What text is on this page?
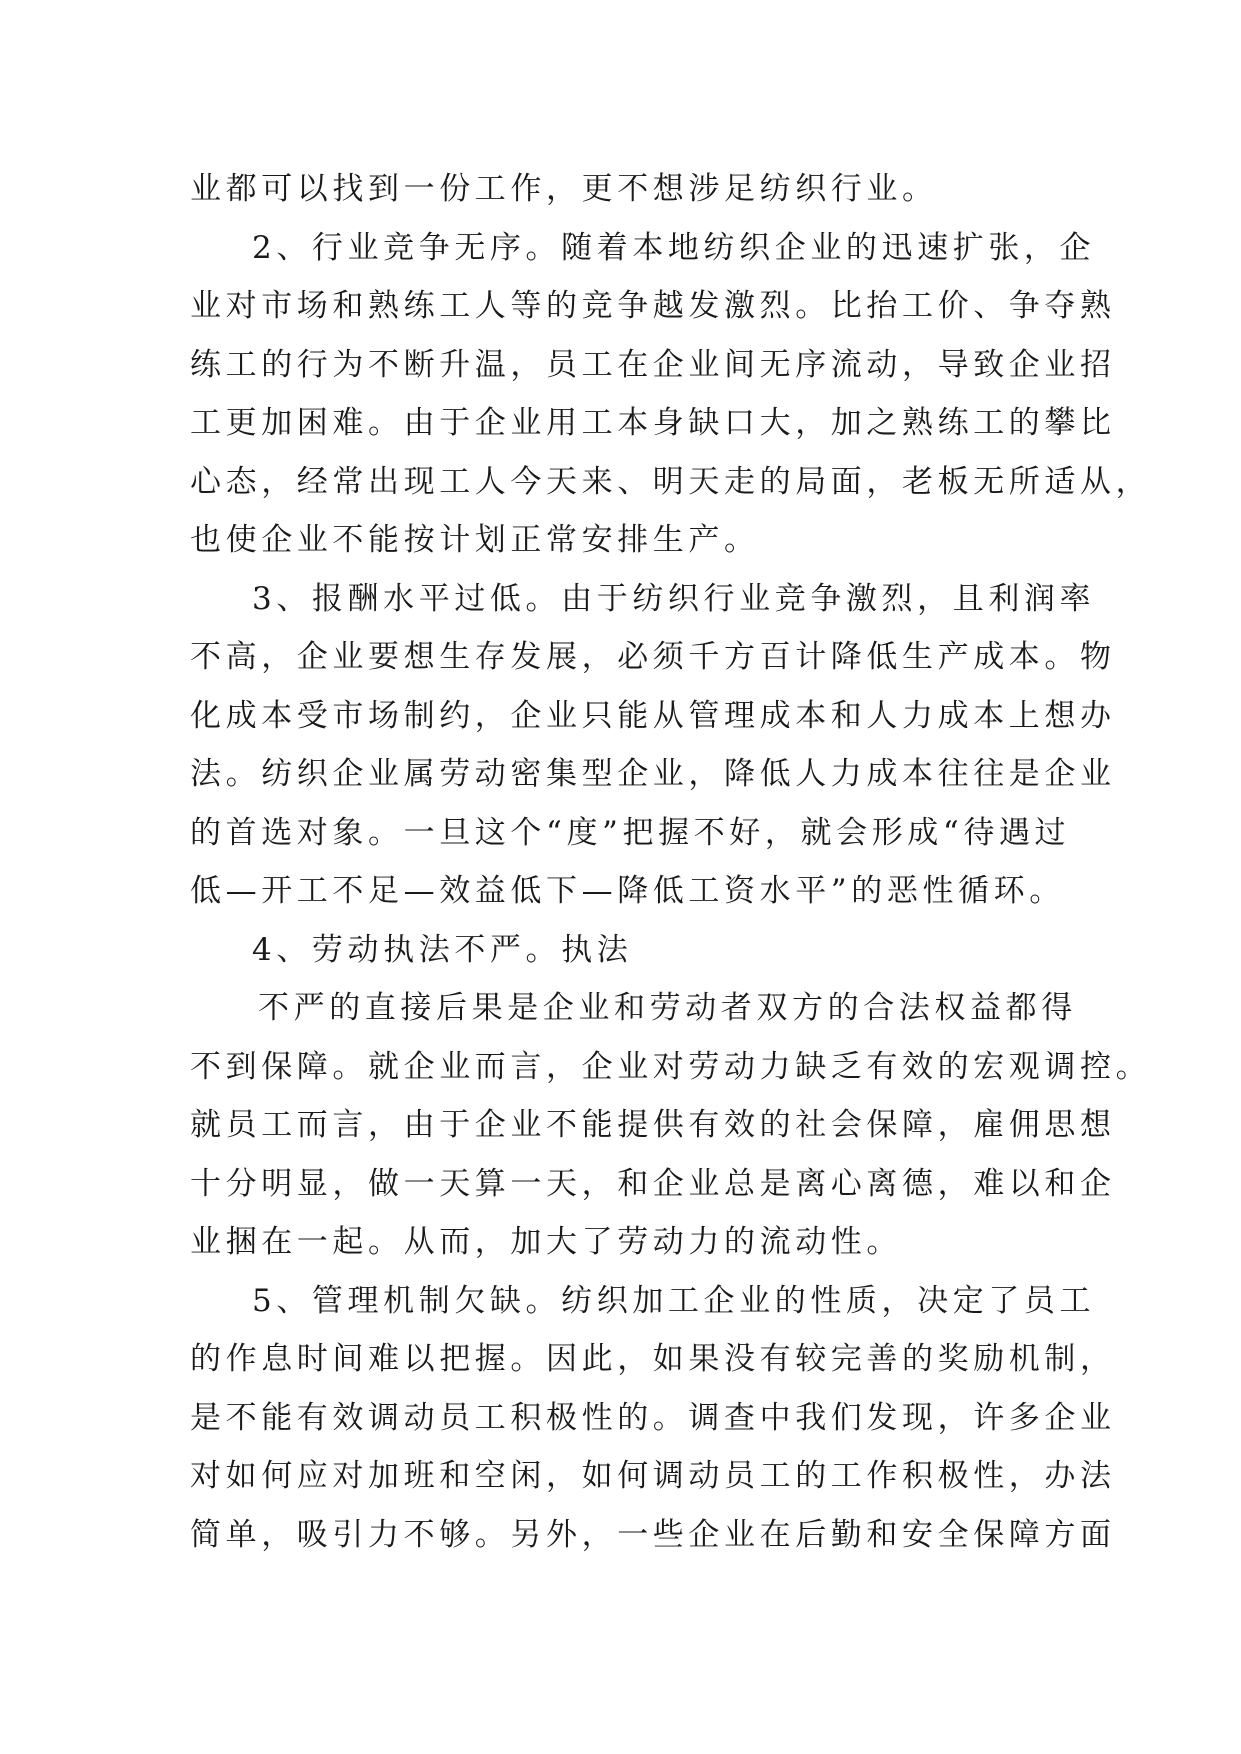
业都可以找到一份工作，更不想涉足纺织行业。
2、行业竞争无序。随着本地纺织企业的迅速扩张，企
业对市场和熟练工人等的竞争越发激烈。比抬工价、争夺熟
练工的行为不断升温，员工在企业间无序流动，导致企业招
工更加困难。由于企业用工本身缺口大，加之熟练工的攀比
心态，经常出现工人今天来、明天走的局面，老板无所适从，
也使企业不能按计划正常安排生产。
3、报酬水平过低。由于纺织行业竞争激烈，且利润率
不高，企业要想生存发展，必须千方百计降低生产成本。物
化成本受市场制约，企业只能从管理成本和人力成本上想办
法。纺织企业属劳动密集型企业，降低人力成本往往是企业
的首选对象。一旦这个“度”把握不好，就会形成“待遇过
低—开工不足—效益低下—降低工资水平”的恶性循环。
4、劳动执法不严。执法
不严的直接后果是企业和劳动者双方的合法权益都得
不到保障。就企业而言，企业对劳动力缺乏有效的宏观调控。
就员工而言，由于企业不能提供有效的社会保障，雇佣思想
十分明显，做一天算一天，和企业总是离心离德，难以和企
业捆在一起。从而，加大了劳动力的流动性。
5、管理机制欠缺。纺织加工企业的性质，决定了员工
的作息时间难以把握。因此，如果没有较完善的奖励机制，
是不能有效调动员工积极性的。调查中我们发现，许多企业
对如何应对加班和空闲，如何调动员工的工作积极性，办法
简单，吸引力不够。另外，一些企业在后勤和安全保障方面
